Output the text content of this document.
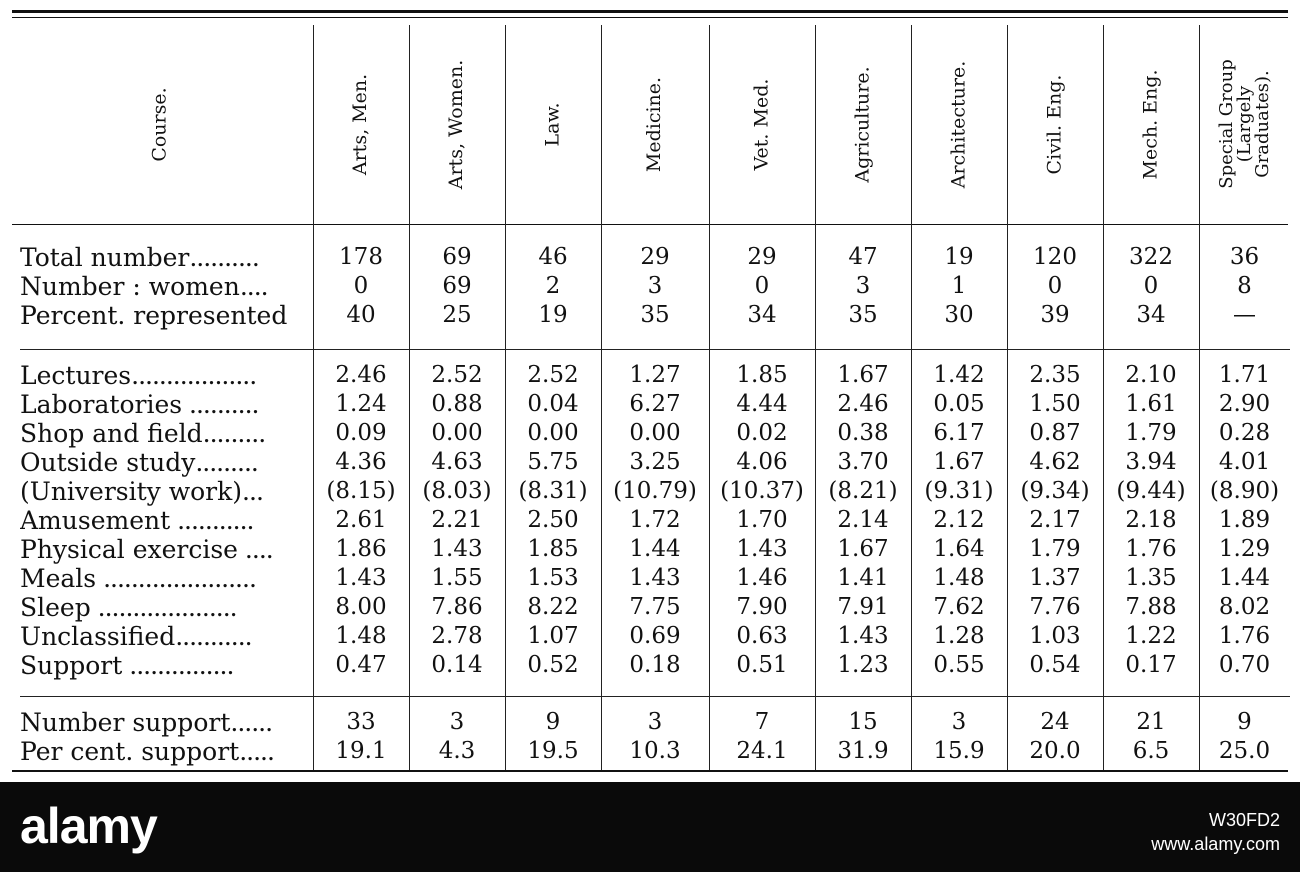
Course.	Arts, Men.	Arts, Women.	Law.	Medicine.	Vet. Med.	Agriculture.	Architecture.	Civil. Eng.	Mech. Eng.	Special Group
(Largely
Graduates).
Total number..........	178	69	46	29	29	47	19	120	322	36
Number : women....	0	69	2	3	0	3	1	0	0	8
Percent. represented	40	25	19	35	34	35	30	39	34	—
Lectures..................	2.46	2.52	2.52	1.27	1.85	1.67	1.42	2.35	2.10	1.71
Laboratories ..........	1.24	0.88	0.04	6.27	4.44	2.46	0.05	1.50	1.61	2.90
Shop and field.........	0.09	0.00	0.00	0.00	0.02	0.38	6.17	0.87	1.79	0.28
Outside study.........	4.36	4.63	5.75	3.25	4.06	3.70	1.67	4.62	3.94	4.01
(University work)...	(8.15)	(8.03)	(8.31)	(10.79)	(10.37)	(8.21)	(9.31)	(9.34)	(9.44)	(8.90)
Amusement ...........	2.61	2.21	2.50	1.72	1.70	2.14	2.12	2.17	2.18	1.89
Physical exercise ....	1.86	1.43	1.85	1.44	1.43	1.67	1.64	1.79	1.76	1.29
Meals ......................	1.43	1.55	1.53	1.43	1.46	1.41	1.48	1.37	1.35	1.44
Sleep ....................	8.00	7.86	8.22	7.75	7.90	7.91	7.62	7.76	7.88	8.02
Unclassified...........	1.48	2.78	1.07	0.69	0.63	1.43	1.28	1.03	1.22	1.76
Support ...............	0.47	0.14	0.52	0.18	0.51	1.23	0.55	0.54	0.17	0.70
Number support......	33	3	9	3	7	15	3	24	21	9
Per cent. support.....	19.1	4.3	19.5	10.3	24.1	31.9	15.9	20.0	6.5	25.0
alamy	W30FD2
www.alamy.com
